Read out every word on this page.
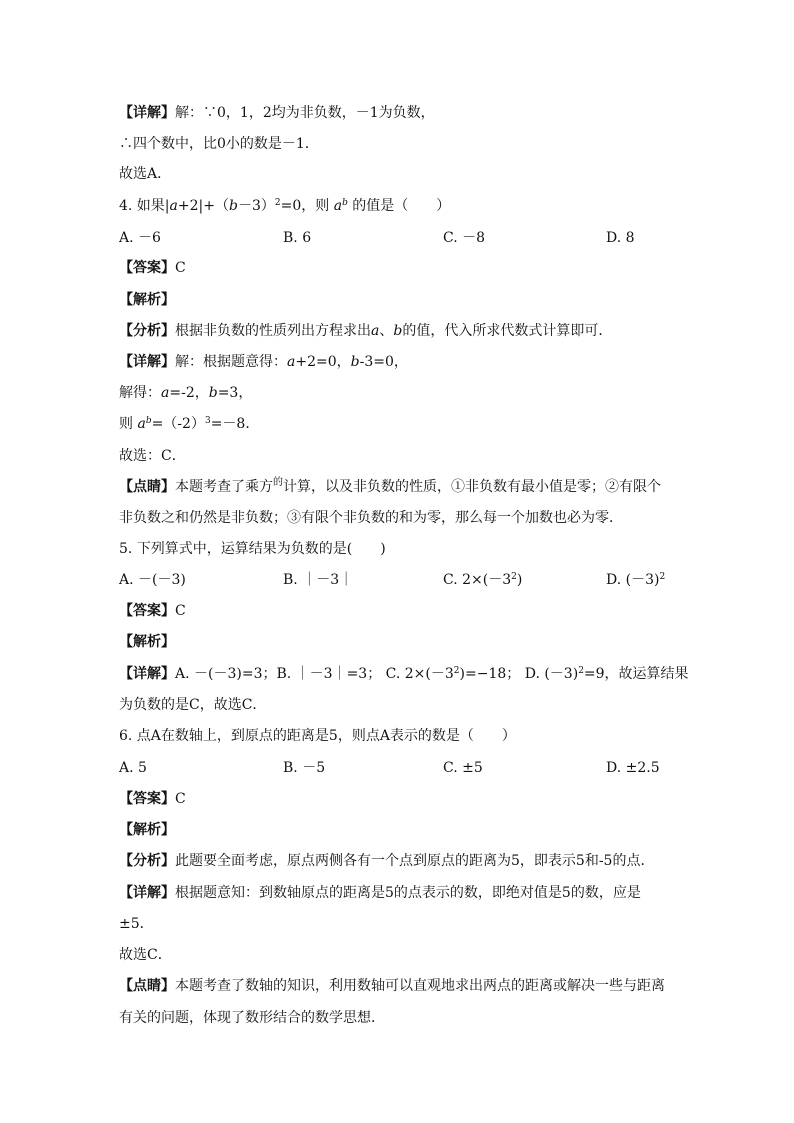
【详解】解：∵0，1，2均为非负数，－1为负数，
∴四个数中，比0小的数是－1．
故选A．
4. 如果$|a+2|+(b-3)^2=0$，则 $a^b$ 的值是（　　）
A. －6	B. 6	C. －8	D. 8
【答案】C
【解析】
【分析】根据非负数的性质列出方程求出a、b的值，代入所求代数式计算即可．
【详解】解：根据题意得：a+2=0，b-3=0，
解得：a=-2，b=3，
则 $a^b=(-2)^3=-8$．
故选：C．
【点睛】本题考查了乘方$^的$计算，以及非负数的性质，①非负数有最小值是零；②有限个
非负数之和仍然是非负数；③有限个非负数的和为零，那么每一个加数也必为零．
5. 下列算式中，运算结果为负数的是(　　)
A. －(－3)	B. ｜－3｜	C. $2\times(-3^2)$	D. $(-3)^2$
【答案】C
【解析】
【详解】A. －(－3)=3；B. ｜－3｜=3； C. $2\times(-3^2)=-18$； D. $(-3)^2=9$，故运算结果
为负数的是C，故选C．
6. 点A在数轴上，到原点的距离是5，则点A表示的数是（　　）
A. 5	B. －5	C. ±5	D. ±2.5
【答案】C
【解析】
【分析】此题要全面考虑，原点两侧各有一个点到原点的距离为5，即表示5和-5的点．
【详解】根据题意知：到数轴原点的距离是5的点表示的数，即绝对值是5的数，应是
±5．
故选C．
【点睛】本题考查了数轴的知识，利用数轴可以直观地求出两点的距离或解决一些与距离
有关的问题，体现了数形结合的数学思想．
